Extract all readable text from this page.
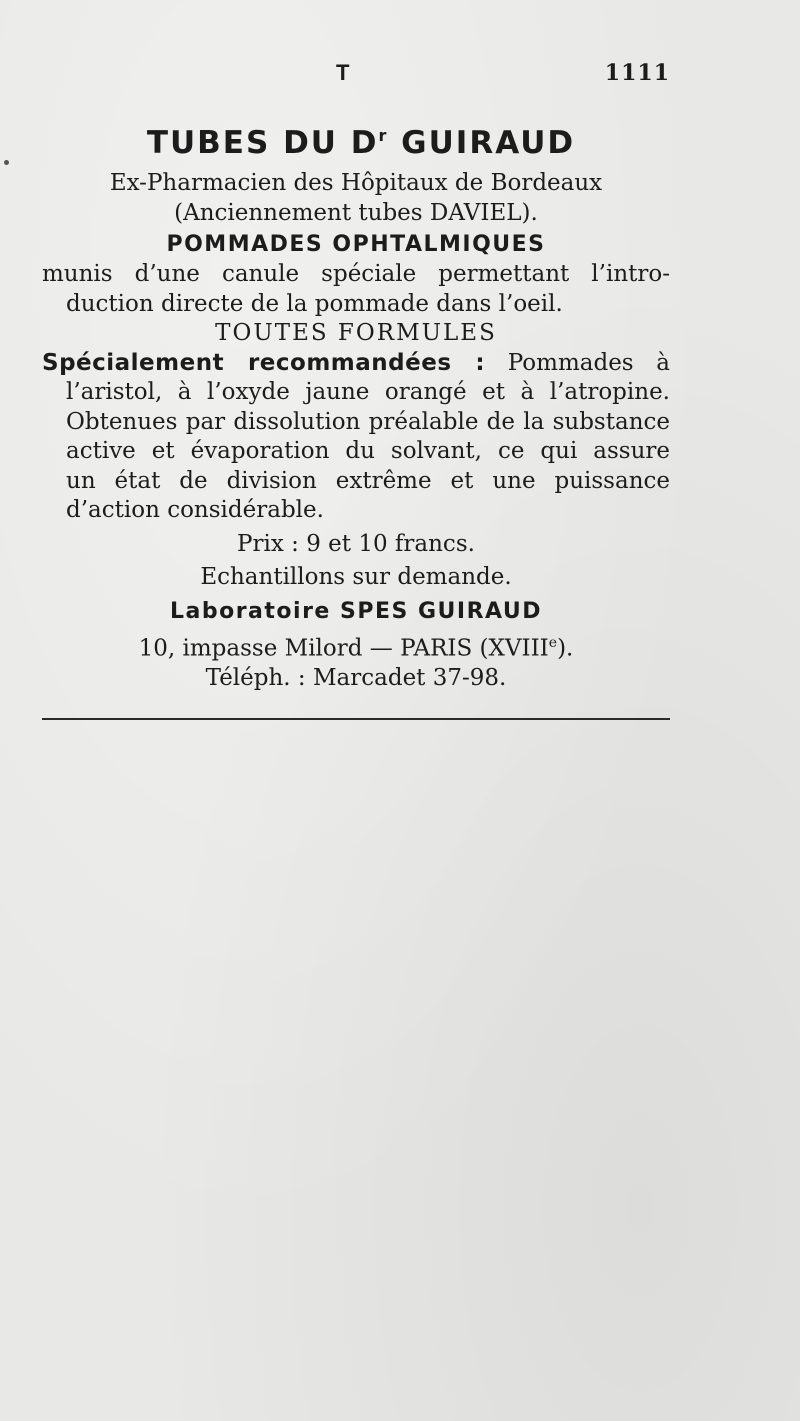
T	1111
TUBES DU $D^r$ GUIRAUD
Ex-Pharmacien des Hôpitaux de Bordeaux
(Anciennement tubes DAVIEL).
POMMADES OPHTALMIQUES
munis d’une canule spéciale permettant l’intro-
duction directe de la pommade dans l’oeil.
TOUTES FORMULES
Spécialement recommandées : Pommades à
l’aristol, à l’oxyde jaune orangé et à l’atropine.
Obtenues par dissolution préalable de la substance
active et évaporation du solvant, ce qui assure
un état de division extrême et une puissance
d’action considérable.
Prix : 9 et 10 francs.
Echantillons sur demande.
Laboratoire SPES GUIRAUD
10, impasse Milord — PARIS (XVIIIe).
Téléph. : Marcadet 37-98.
